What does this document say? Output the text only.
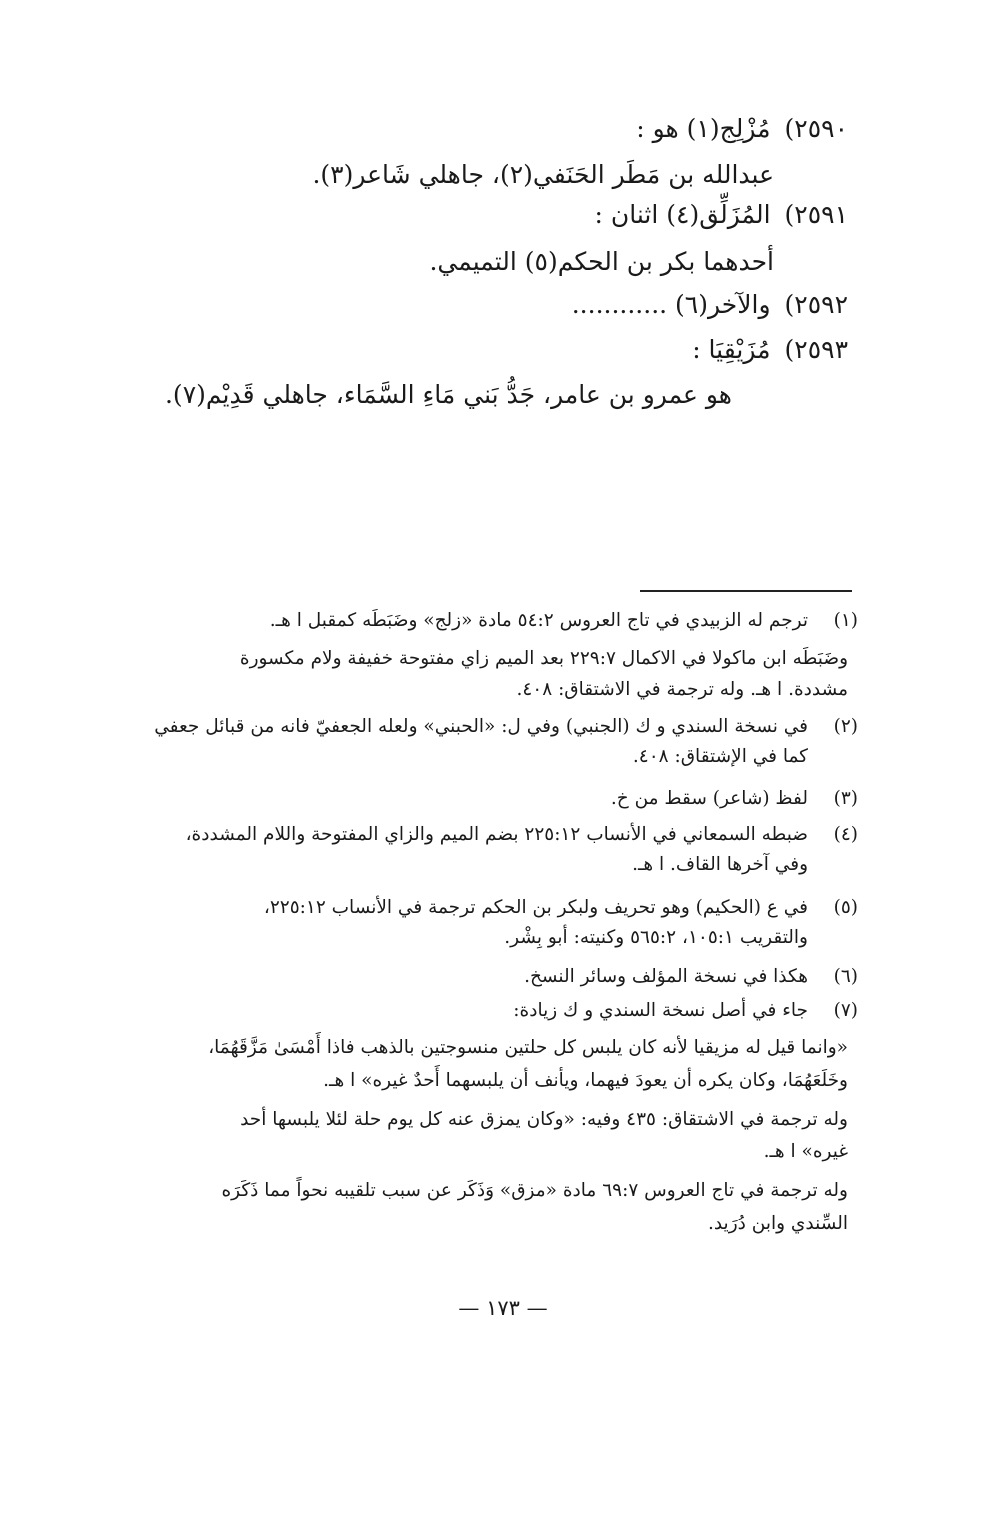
٢٥٩٠)مُزْلِج(١) هو :
عبدالله بن مَطَر الحَنَفي(٢)، جاهلي شَاعر(٣).
٢٥٩١)المُزَلِّق(٤) اثنان :
أحدهما بكر بن الحكم(٥) التميمي.
٢٥٩٢)والآخر(٦) ............
٢٥٩٣)مُزَيْقِيَا :
هو عمرو بن عامر، جَدُّ بَني مَاءِ السَّمَاء، جاهلي قَدِيْم(٧).
(١)
ترجم له الزبيدي في تاج العروس ٥٤:٢ مادة «زلج» وضَبَطَه كمقبل ا هـ.
وضَبَطَه ابن ماكولا في الاكمال ٢٢٩:٧ بعد الميم زاي مفتوحة خفيفة ولام مكسورة
مشددة. ا هـ. وله ترجمة في الاشتقاق: ٤٠٨.
(٢)
في نسخة السندي و ك (الجنبي) وفي ل: «الحبني» ولعله الجعفيّ فانه من قبائل جعفي
كما في الإشتقاق: ٤٠٨.
(٣)
لفظ (شاعر) سقط من خ.
(٤)
ضبطه السمعاني في الأنساب ٢٢٥:١٢ بضم الميم والزاي المفتوحة واللام المشددة،
وفي آخرها القاف. ا هـ.
(٥)
في ع (الحكيم) وهو تحريف ولبكر بن الحكم ترجمة في الأنساب ٢٢٥:١٢،
والتقريب ١٠٥:١، ٥٦٥:٢ وكنيته: أبو بِشْر.
(٦)
هكذا في نسخة المؤلف وسائر النسخ.
(٧)
جاء في أصل نسخة السندي و ك زيادة:
«وانما قيل له مزيقيا لأنه كان يلبس كل حلتين منسوجتين بالذهب فاذا أَمْسَىٰ مَزَّقَهُمَا،
وخَلَعَهُمَا، وكان يكره أن يعودَ فيهما، ويأنف أن يلبسهما أَحدٌ غيره» ا هـ.
وله ترجمة في الاشتقاق: ٤٣٥ وفيه: «وكان يمزق عنه كل يوم حلة لئلا يلبسها أحد
غيره» ا هـ.
وله ترجمة في تاج العروس ٦٩:٧ مادة «مزق» وَذَكَر عن سبب تلقيبه نحواً مما ذَكَرَه
السِّندي وابن دُرَيد.
— ١٧٣ —
